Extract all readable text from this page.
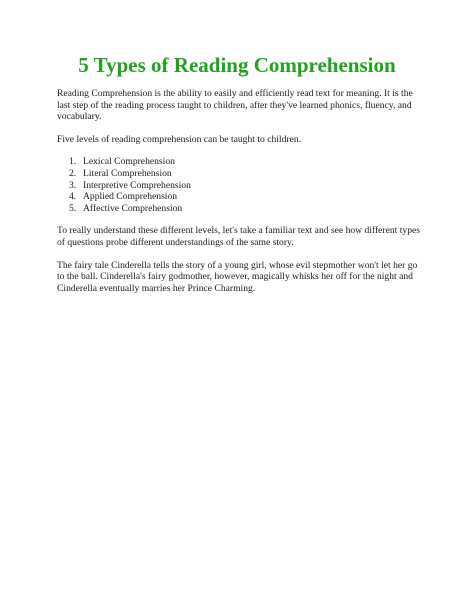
5 Types of Reading Comprehension

Reading Comprehension is the ability to easily and efficiently read text for meaning. It is the last step of the reading process taught to children, after they've learned phonics, fluency, and vocabulary.

Five levels of reading comprehension can be taught to children.

1. Lexical Comprehension
2. Literal Comprehension
3. Interpretive Comprehension
4. Applied Comprehension
5. Affective Comprehension

To really understand these different levels, let's take a familiar text and see how different types of questions probe different understandings of the same story.

The fairy tale Cinderella tells the story of a young girl, whose evil stepmother won't let her go to the ball. Cinderella's fairy godmother, however, magically whisks her off for the night and Cinderella eventually marries her Prince Charming.
